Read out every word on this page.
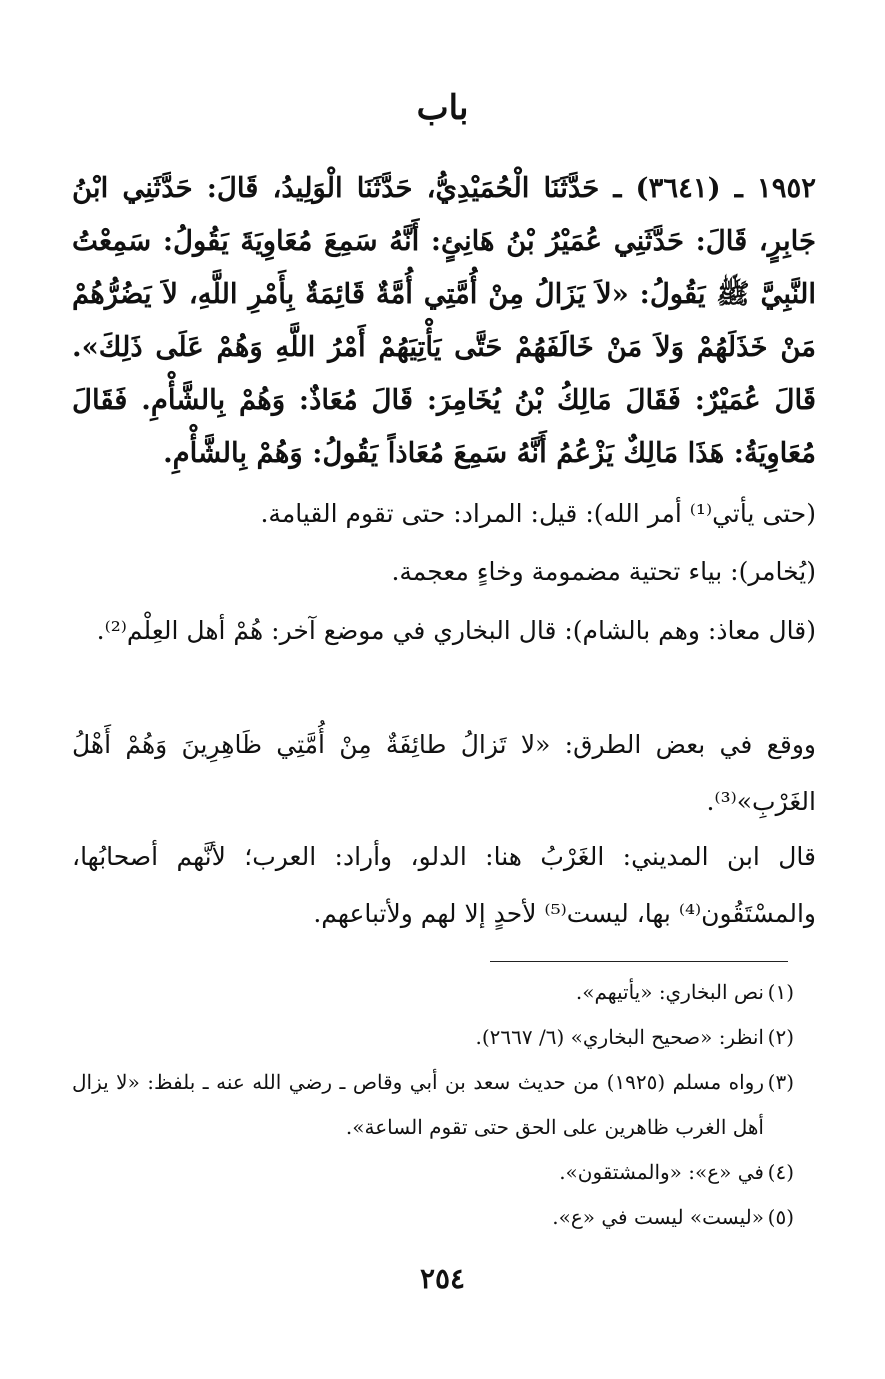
باب

١٩٥٢ ـ (٣٦٤١) ـ حَدَّثَنَا الْحُمَيْدِيُّ، حَدَّثَنَا الْوَلِيدُ، قَالَ: حَدَّثَنِي ابْنُ جَابِرٍ، قَالَ: حَدَّثَنِي عُمَيْرُ بْنُ هَانِئٍ: أَنَّهُ سَمِعَ مُعَاوِيَةَ يَقُولُ: سَمِعْتُ النَّبِيَّ ﷺ يَقُولُ: «لاَ يَزَالُ مِنْ أُمَّتِي أُمَّةٌ قَائِمَةٌ بِأَمْرِ اللَّهِ، لاَ يَضُرُّهُمْ مَنْ خَذَلَهُمْ وَلاَ مَنْ خَالَفَهُمْ حَتَّى يَأْتِيَهُمْ أَمْرُ اللَّهِ وَهُمْ عَلَى ذَلِكَ». قَالَ عُمَيْرٌ: فَقَالَ مَالِكُ بْنُ يُخَامِرَ: قَالَ مُعَاذٌ: وَهُمْ بِالشَّأْمِ. فَقَالَ مُعَاوِيَةُ: هَذَا مَالِكٌ يَزْعُمُ أَنَّهُ سَمِعَ مُعَاذاً يَقُولُ: وَهُمْ بِالشَّأْمِ.

(حتى يأتي⁽¹⁾ أمر الله): قيل: المراد: حتى تقوم القيامة.

(يُخامر): بياء تحتية مضمومة وخاءٍ معجمة.

(قال معاذ: وهم بالشام): قال البخاري في موضع آخر: هُمْ أهل العِلْم⁽²⁾.

ووقع في بعض الطرق: «لا تَزالُ طائِفَةٌ مِنْ أُمَّتِي ظَاهِرِينَ وَهُمْ أَهْلُ الغَرْبِ»⁽³⁾.

قال ابن المديني: الغَرْبُ هنا: الدلو، وأراد: العرب؛ لأنَّهم أصحابُها، والمسْتَقُون⁽⁴⁾ بها، ليست⁽⁵⁾ لأحدٍ إلا لهم ولأتباعهم.

(١)
نص البخاري: «يأتيهم».
(٢)
انظر: «صحيح البخاري» (٦/ ٢٦٦٧).
(٣)
رواه مسلم (١٩٢٥) من حديث سعد بن أبي وقاص ـ رضي الله عنه ـ بلفظ: «لا يزال أهل الغرب ظاهرين على الحق حتى تقوم الساعة».
(٤)
في «ع»: «والمشتقون».
(٥)
«ليست» ليست في «ع».
٢٥٤
